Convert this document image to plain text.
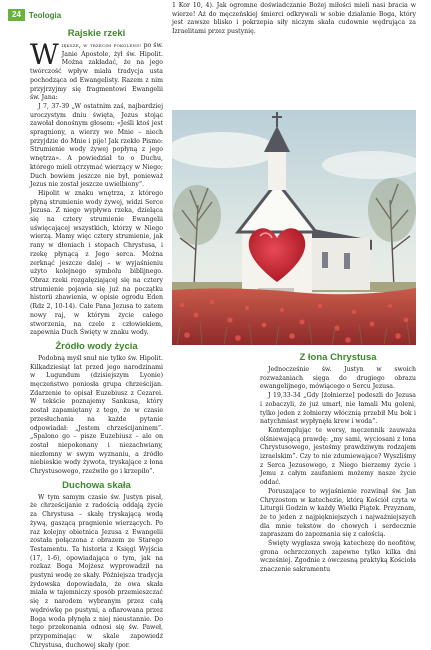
24	Teologia
Rajskie rzeki
W iększe, w trzecim pokoleniu po św. Janie Apostole, żył św. Hipolit. Można zakładać, że na jego twórczość wpływ miała tradycja usta pochodząca od Ewangelisty. Razem z nim przyjrzyjmy się fragmentowi Ewangelii św. Jana:

J 7, 37-39 „W ostatnim zaś, najbardziej uroczystym dniu święta, Jezus stojąc zawołał donośnym głosem: «Jeśli ktoś jest spragniony, a wierzy we Mnie – niech przyjdzie do Mnie i pije! Jak rzekło Pismo: Strumienie wody żywej popłyną z jego wnętrza». A powiedział to o Duchu, którego mieli otrzymać wierzący w Niego; Duch bowiem jeszcze nie był, ponieważ Jezus nie został jeszcze uwielbiony”.

Hipolit w znaku wnętrza, z którego płyną strumienie wody żywej, widzi Serce Jezusa. Z niego wypływa rzeka, dzieląca się na cztery strumienie Ewangelii uświęcającej wszystkich, którzy w Niego wierzą. Mamy więc cztery strumienie, jak rany w dłoniach i stopach Chrystusa, i rzekę płynącą z Jego serca. Można zerknąć jeszcze dalej – w wyjaśnieniu użyto kolejnego symbolu biblijnego. Obraz rzeki rozgałęziającej się na cztery strumienie pojawia się już na początku historii zbawienia, w opisie ogrodu Eden (Rdz 2, 10-14). Całe Pana Jezusa to zatem nowy raj, w którym życie całego stworzenia, na czele z człowiekiem, zapewnia Duch Święty w znaku wody.

Źródło wody życia

Podobną myśl snuł nie tylko św. Hipolit. Kilkadziesiąt lat przed jego narodzinami w Lugundum (dzisiejszym Lyonie) męczeństwo poniosła grupa chrześcijan. Zdarzenie to opisał Euzebiusz z Cezarei. W tekście poznajemy Sankusa, który został zapamiętany z tego, że w czasie przesłuchania na każde pytanie odpowiadał: „Jestem chrześcijaninem”. „Spalono go – pisze Euzebiusz – ale on został niepokonany i niezachwiany, niezłomny w swym wyznaniu, a źródło niebieskie wody żywota, tryskające z łona Chrystusowego, rzeźwiło go i krzepiło”.

Duchowa skała

W tym samym czasie św. Justyn pisał, że chrześcijanie z radością oddają życie za Chrystusa – skałę tryskającą wodą żywą, gaszącą pragnienie wierzących. Po raz kolejny obietnica Jezusa z Ewangelii została połączona z obrazem ze Starego Testamentu. Ta historia z Księgi Wyjścia (17, 1-6), opowiadająca o tym, jak na rozkaz Boga Mojżesz wyprowadził na pustyni wodę ze skały. Późniejsza tradycja żydowska dopowiadała, że owa skała miała w tajemniczy sposób przemieszczać się z narodem wybranym przez całą wędrówkę po pustyni, a ofiarowana przez Boga woda płynęła z niej nieustannie. Do tego przekonania odnosi się św. Paweł, przypominając w skale zapowiedź Chrystusa, duchowej skały (por.

1 Kor 10, 4). Jak ogromne doświadczanie Bożej miłości mieli nasi bracia w wierze! Aż do męczeńskiej śmierci odkrywali w sobie działanie Boga, który jest zawsze blisko i pokrzepia siły niczym skała cudownie wędrująca za Izraelitami przez pustynię.

Z łona Chrystusa

Jednocześnie św. Justyn w swoich rozważaniach sięga do drugiego obrazu ewangelijnego, mówiącego o Sercu Jezusa.

J 19,33-34 „Gdy [żołnierze] podeszli do Jezusa i zobaczyli, że już umarł, nie łamali Mu goleni, tylko jeden z żołnierzy włócznią przebił Mu bok i natychmiast wypłynęła krew i woda”.

Kontemplując te wersy, męczennik zauważa olśniewającą prawdę: „my sami, wyciosani z łona Chrystusowego, jesteśmy prawdziwym rodzajem izraelskim”. Czy to nie zdumiewające? Wyszliśmy z Serca Jezusowego, z Niego bierzemy życie i Jemu z całym zaufaniem możemy nasze życie oddać.

Poruszające to wyjaśnienie rozwinął św. Jan Chryzostom w katechezie, którą Kościół czyta w Liturgii Godzin w każdy Wielki Piątek. Przyznam, że to jeden z najpiękniejszych i najważniejszych dla mnie tekstów do chowych i serdecznie zapraszam do zapoznania się z całością.

Święty wygłasza swoją katechezę do neofitów, grona ochrzczonych zapewne tylko kilka dni wcześniej. Zgodnie z ówczesną praktyką Kościoła znaczenie sakramentu
